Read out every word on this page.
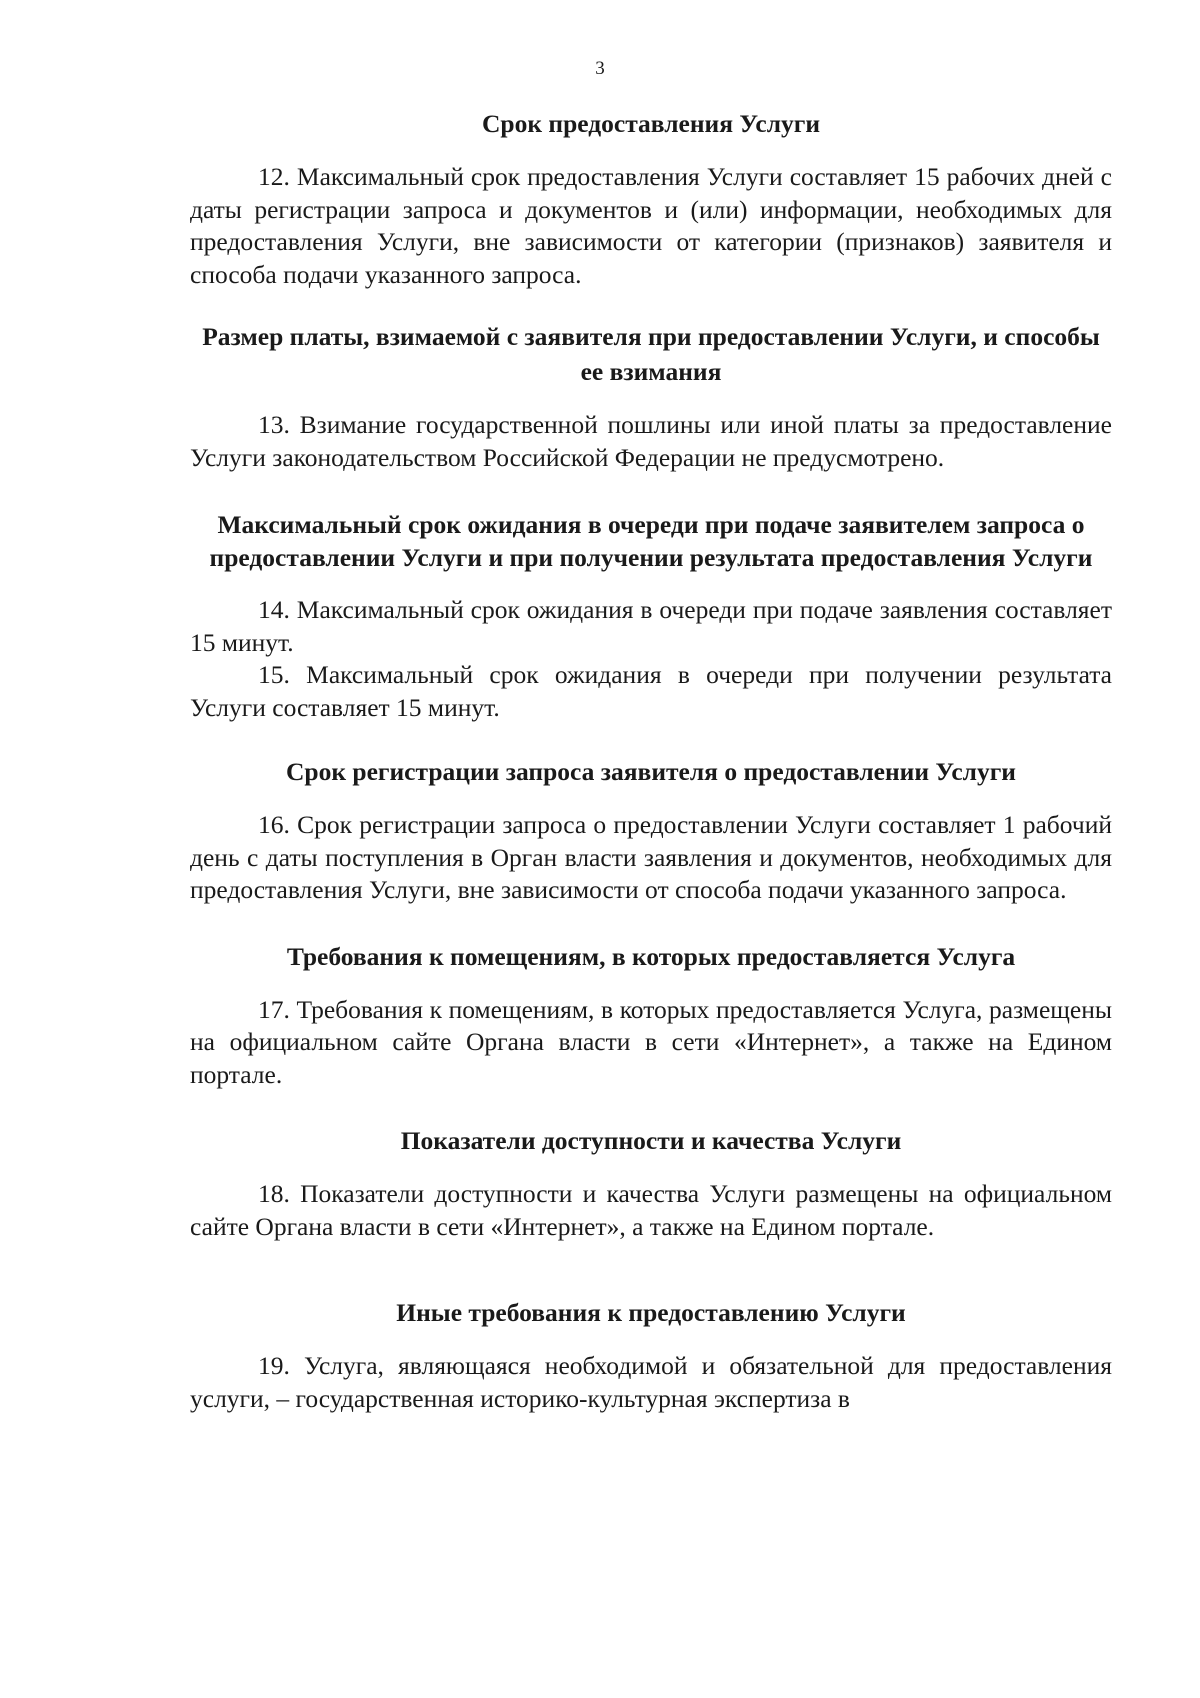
3
Срок предоставления Услуги

12. Максимальный срок предоставления Услуги составляет 15 рабочих дней с даты регистрации запроса и документов и (или) информации, необходимых для предоставления Услуги, вне зависимости от категории (признаков) заявителя и способа подачи указанного запроса.

Размер платы, взимаемой с заявителя при предоставлении Услуги, и способы ее взимания

13. Взимание государственной пошлины или иной платы за предоставление Услуги законодательством Российской Федерации не предусмотрено.

Максимальный срок ожидания в очереди при подаче заявителем запроса о предоставлении Услуги и при получении результата предоставления Услуги

14. Максимальный срок ожидания в очереди при подаче заявления составляет 15 минут.

15. Максимальный срок ожидания в очереди при получении результата Услуги составляет 15 минут.

Срок регистрации запроса заявителя о предоставлении Услуги

16. Срок регистрации запроса о предоставлении Услуги составляет 1 рабочий день с даты поступления в Орган власти заявления и документов, необходимых для предоставления Услуги, вне зависимости от способа подачи указанного запроса.

Требования к помещениям, в которых предоставляется Услуга

17. Требования к помещениям, в которых предоставляется Услуга, размещены на официальном сайте Органа власти в сети «Интернет», а также на Едином портале.

Показатели доступности и качества Услуги

18. Показатели доступности и качества Услуги размещены на официальном сайте Органа власти в сети «Интернет», а также на Едином портале.

Иные требования к предоставлению Услуги

19. Услуга, являющаяся необходимой и обязательной для предоставления услуги, – государственная историко-культурная экспертиза в
